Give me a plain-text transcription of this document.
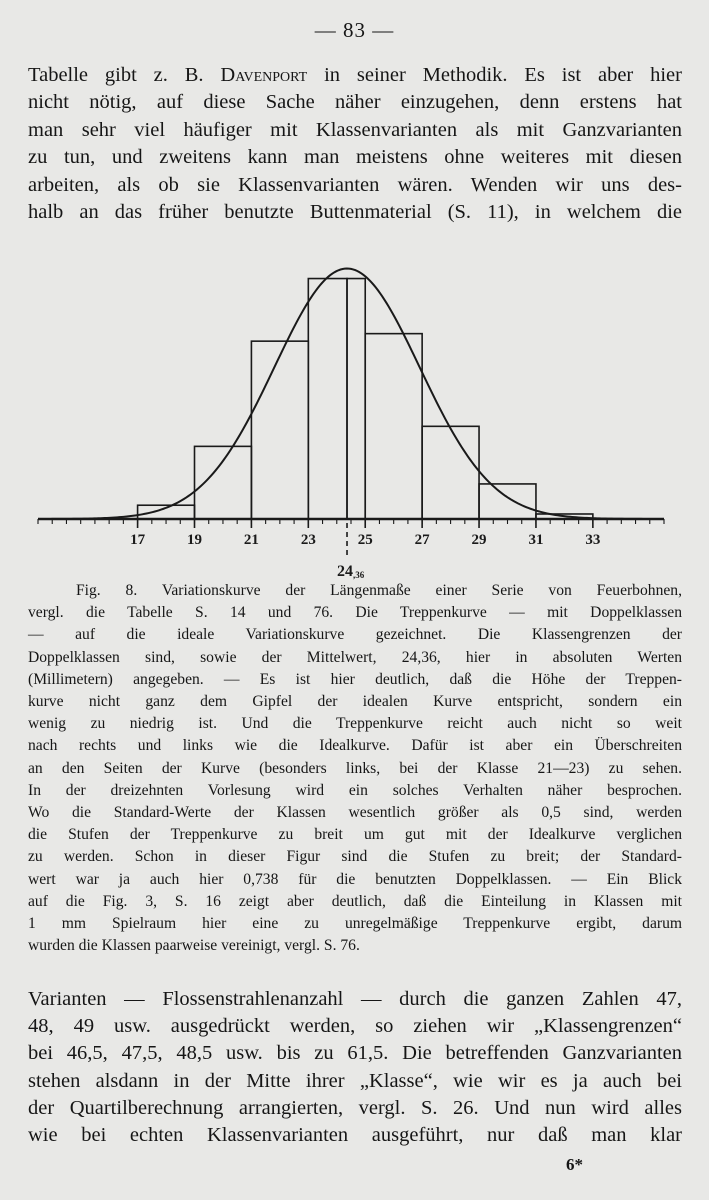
— 83 —
Tabelle gibt z. B. Davenport in seiner Methodik. Es ist aber hier
nicht nötig, auf diese Sache näher einzugehen, denn erstens hat
man sehr viel häufiger mit Klassenvarianten als mit Ganzvarianten
zu tun, und zweitens kann man meistens ohne weiteres mit diesen
arbeiten, als ob sie Klassenvarianten wären. Wenden wir uns des-
halb an das früher benutzte Buttenmaterial (S. 11), in welchem die
17	19	21	23	25	27	29	31	33
24,36
Fig. 8. Variationskurve der Längenmaße einer Serie von Feuerbohnen,
vergl. die Tabelle S. 14 und 76. Die Treppenkurve — mit Doppelklassen
— auf die ideale Variationskurve gezeichnet. Die Klassengrenzen der
Doppelklassen sind, sowie der Mittelwert, 24,36, hier in absoluten Werten
(Millimetern) angegeben. — Es ist hier deutlich, daß die Höhe der Treppen-
kurve nicht ganz dem Gipfel der idealen Kurve entspricht, sondern ein
wenig zu niedrig ist. Und die Treppenkurve reicht auch nicht so weit
nach rechts und links wie die Idealkurve. Dafür ist aber ein Überschreiten
an den Seiten der Kurve (besonders links, bei der Klasse 21—23) zu sehen.
In der dreizehnten Vorlesung wird ein solches Verhalten näher besprochen.
Wo die Standard-Werte der Klassen wesentlich größer als 0,5 sind, werden
die Stufen der Treppenkurve zu breit um gut mit der Idealkurve verglichen
zu werden. Schon in dieser Figur sind die Stufen zu breit; der Standard-
wert war ja auch hier 0,738 für die benutzten Doppelklassen. — Ein Blick
auf die Fig. 3, S. 16 zeigt aber deutlich, daß die Einteilung in Klassen mit
1 mm Spielraum hier eine zu unregelmäßige Treppenkurve ergibt, darum
wurden die Klassen paarweise vereinigt, vergl. S. 76.
Varianten — Flossenstrahlenanzahl — durch die ganzen Zahlen 47,
48, 49 usw. ausgedrückt werden, so ziehen wir „Klassengrenzen“
bei 46,5, 47,5, 48,5 usw. bis zu 61,5. Die betreffenden Ganzvarianten
stehen alsdann in der Mitte ihrer „Klasse“, wie wir es ja auch bei
der Quartilberechnung arrangierten, vergl. S. 26. Und nun wird alles
wie bei echten Klassenvarianten ausgeführt, nur daß man klar
6*
